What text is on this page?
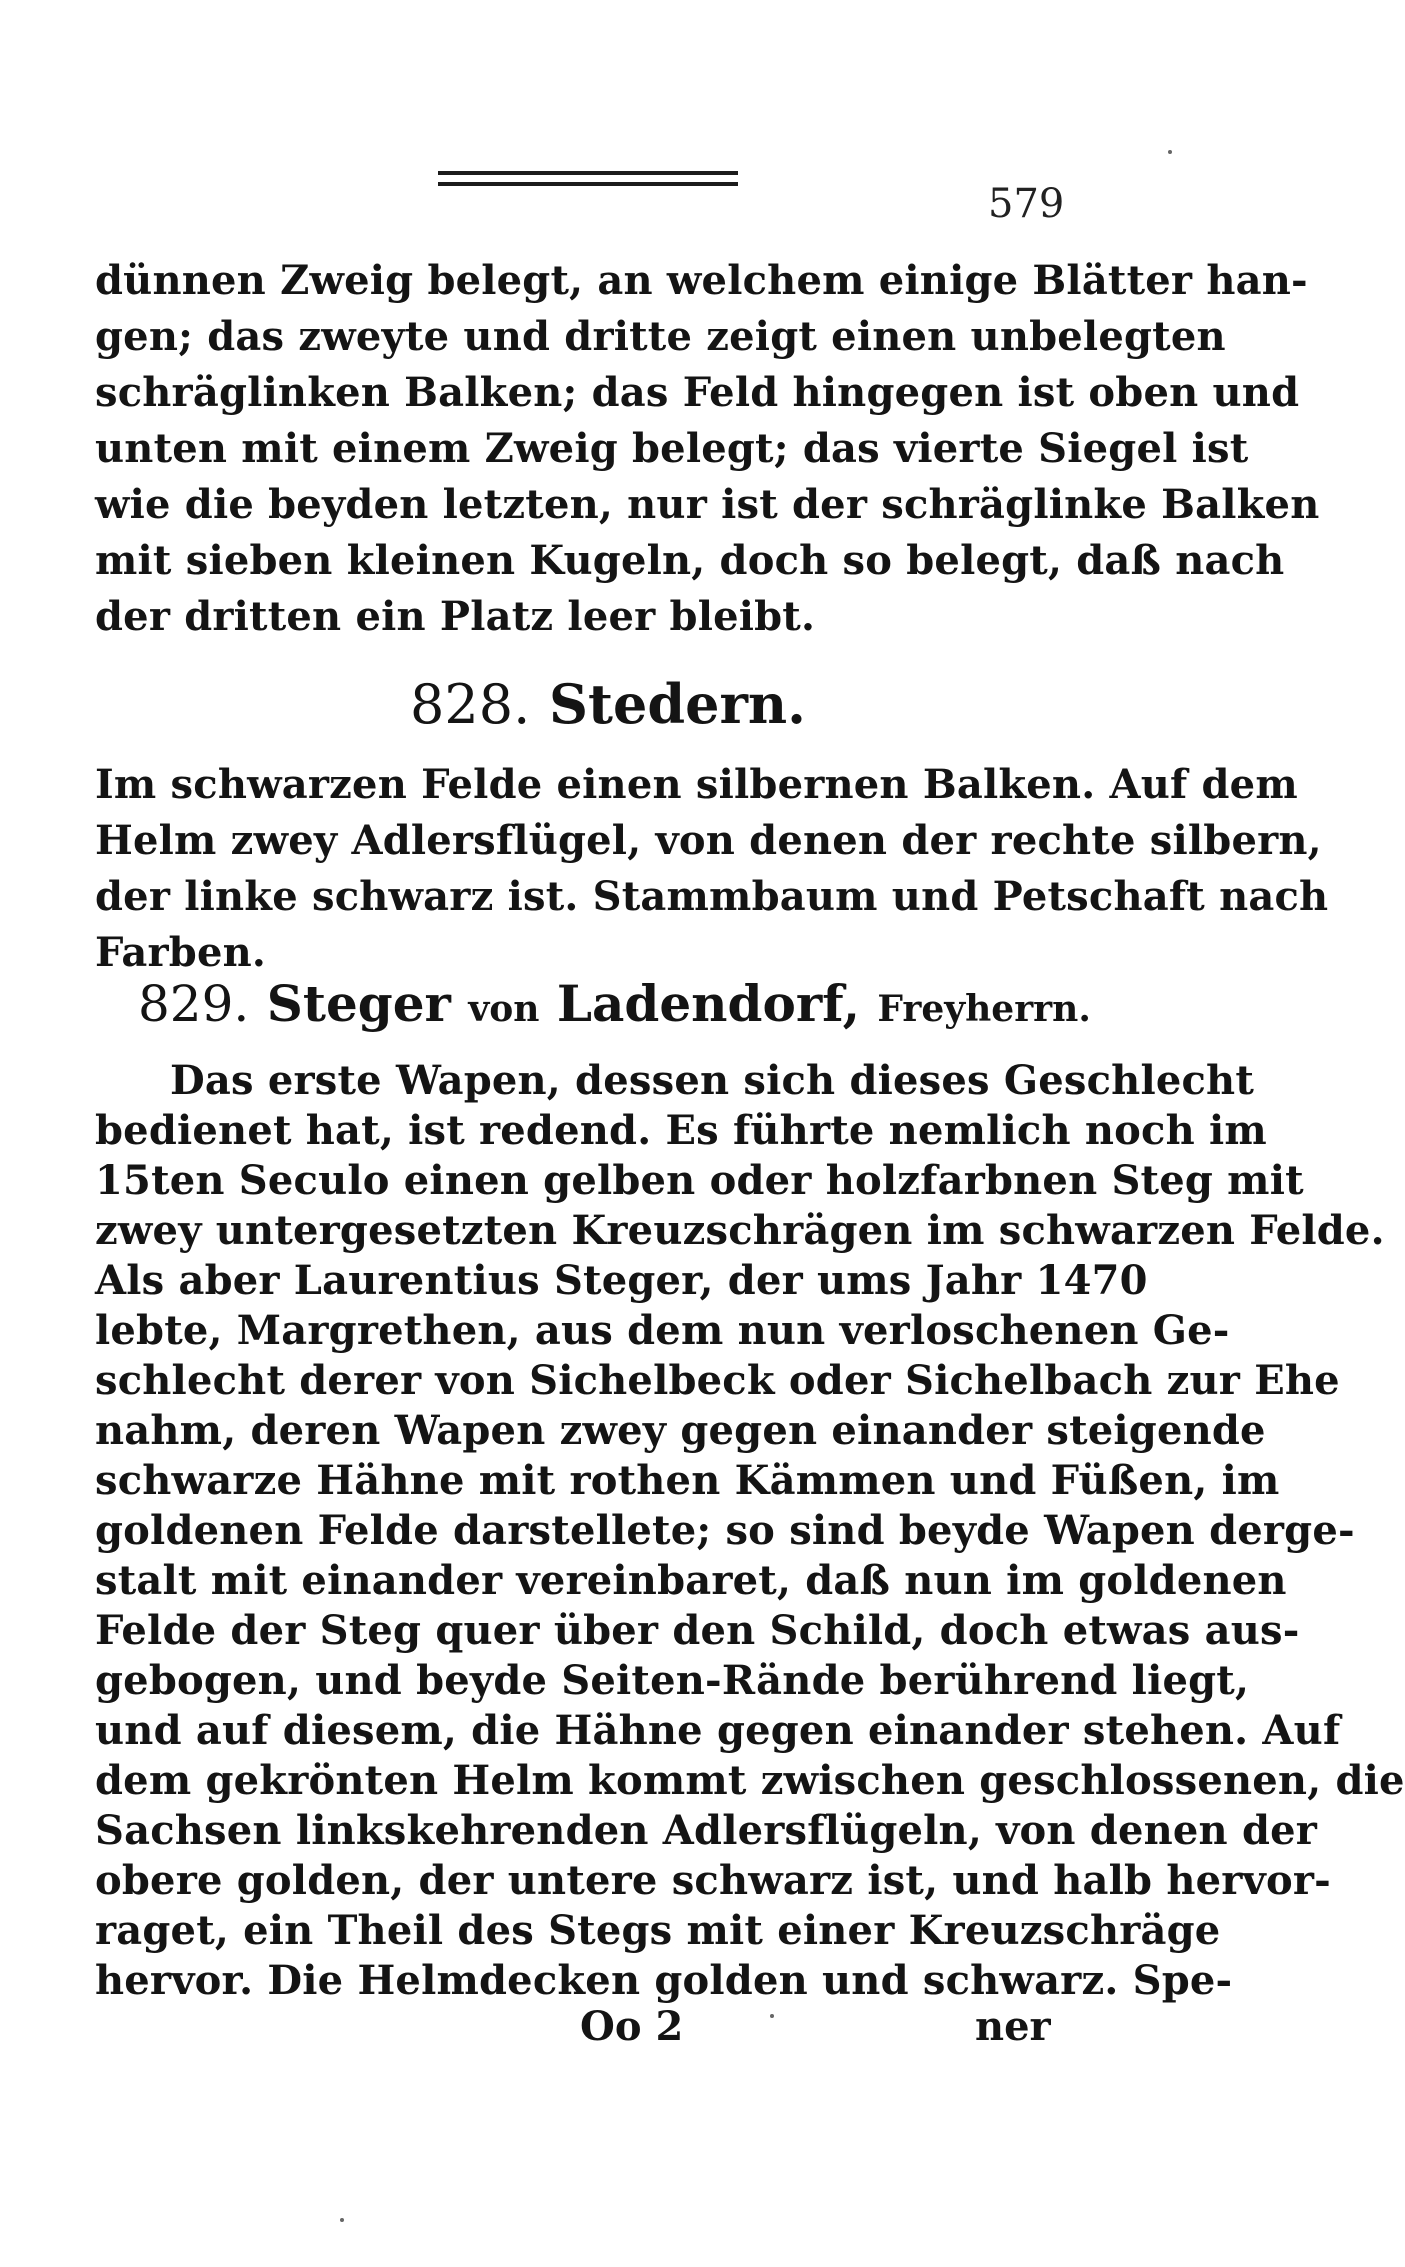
579
dünnen Zweig belegt, an welchem einige Blätter han-
gen; das zweyte und dritte zeigt einen unbelegten
schräglinken Balken; das Feld hingegen ist oben und
unten mit einem Zweig belegt; das vierte Siegel ist
wie die beyden letzten, nur ist der schräglinke Balken
mit sieben kleinen Kugeln, doch so belegt, daß nach
der dritten ein Platz leer bleibt.
828. Stedern.
Im schwarzen Felde einen silbernen Balken. Auf dem
Helm zwey Adlersflügel, von denen der rechte silbern,
der linke schwarz ist. Stammbaum und Petschaft nach
Farben.
829. Steger von Ladendorf, Freyherrn.
Das erste Wapen, dessen sich dieses Geschlecht
bedienet hat, ist redend. Es führte nemlich noch im
15ten Seculo einen gelben oder holzfarbnen Steg mit
zwey untergesetzten Kreuzschrägen im schwarzen Felde.
Als aber Laurentius Steger, der ums Jahr 1470
lebte, Margrethen, aus dem nun verloschenen Ge-
schlecht derer von Sichelbeck oder Sichelbach zur Ehe
nahm, deren Wapen zwey gegen einander steigende
schwarze Hähne mit rothen Kämmen und Füßen, im
goldenen Felde darstellete; so sind beyde Wapen derge-
stalt mit einander vereinbaret, daß nun im goldenen
Felde der Steg quer über den Schild, doch etwas aus-
gebogen, und beyde Seiten-Rände berührend liegt,
und auf diesem, die Hähne gegen einander stehen. Auf
dem gekrönten Helm kommt zwischen geschlossenen, die
Sachsen linkskehrenden Adlersflügeln, von denen der
obere golden, der untere schwarz ist, und halb hervor-
raget, ein Theil des Stegs mit einer Kreuzschräge
hervor. Die Helmdecken golden und schwarz. Spe-
Oo 2	ner
